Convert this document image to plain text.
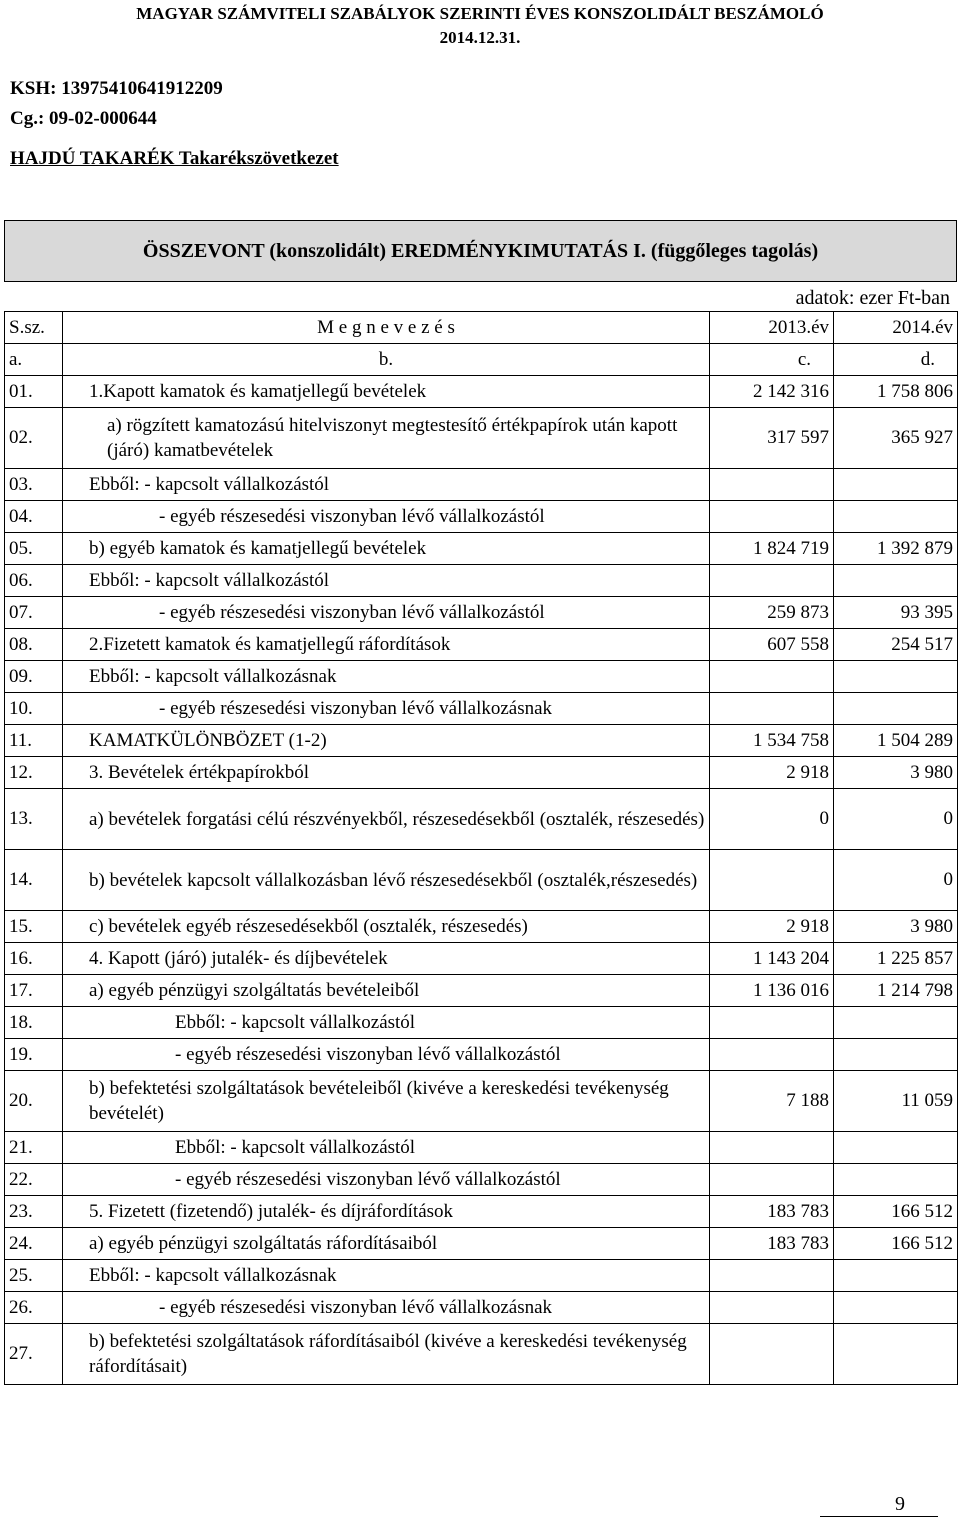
MAGYAR SZÁMVITELI SZABÁLYOK SZERINTI ÉVES KONSZOLIDÁLT BESZÁMOLÓ
2014.12.31.
KSH: 13975410641912209
Cg.: 09-02-000644
HAJDÚ TAKARÉK Takarékszövetkezet
ÖSSZEVONT (konszolidált) EREDMÉNYKIMUTATÁS I. (függőleges tagolás)
adatok: ezer Ft-ban
S.sz.	M e g n e v e z é s	2013.év	2014.év
a.	b.	c.	d.
01.	1.Kapott kamatok és kamatjellegű bevételek	2 142 316	1 758 806
02.	a) rögzített kamatozású hitelviszonyt megtestesítő értékpapírok után kapott (járó) kamatbevételek	317 597	365 927
03.	Ebből: - kapcsolt vállalkozástól		
04.	- egyéb részesedési viszonyban lévő vállalkozástól		
05.	b) egyéb kamatok és kamatjellegű bevételek	1 824 719	1 392 879
06.	Ebből: - kapcsolt vállalkozástól		
07.	- egyéb részesedési viszonyban lévő vállalkozástól	259 873	93 395
08.	2.Fizetett kamatok és kamatjellegű ráfordítások	607 558	254 517
09.	Ebből: - kapcsolt vállalkozásnak		
10.	- egyéb részesedési viszonyban lévő vállalkozásnak		
11.	KAMATKÜLÖNBÖZET (1-2)	1 534 758	1 504 289
12.	3. Bevételek értékpapírokból	2 918	3 980
13.	a) bevételek forgatási célú részvényekből, részesedésekből (osztalék, részesedés)	0	0
14.	b) bevételek kapcsolt vállalkozásban lévő részesedésekből (osztalék,részesedés)		0
15.	c) bevételek egyéb részesedésekből (osztalék, részesedés)	2 918	3 980
16.	4. Kapott (járó) jutalék- és díjbevételek	1 143 204	1 225 857
17.	a) egyéb pénzügyi szolgáltatás bevételeiből	1 136 016	1 214 798
18.	Ebből: - kapcsolt vállalkozástól		
19.	- egyéb részesedési viszonyban lévő vállalkozástól		
20.	b) befektetési szolgáltatások bevételeiből (kivéve a kereskedési tevékenység bevételét)	7 188	11 059
21.	Ebből: - kapcsolt vállalkozástól		
22.	- egyéb részesedési viszonyban lévő vállalkozástól		
23.	5. Fizetett (fizetendő) jutalék- és díjráfordítások	183 783	166 512
24.	a) egyéb pénzügyi szolgáltatás ráfordításaiból	183 783	166 512
25.	Ebből: - kapcsolt vállalkozásnak		
26.	- egyéb részesedési viszonyban lévő vállalkozásnak		
27.	b) befektetési szolgáltatások ráfordításaiból (kivéve a kereskedési tevékenység ráfordításait)		
9
